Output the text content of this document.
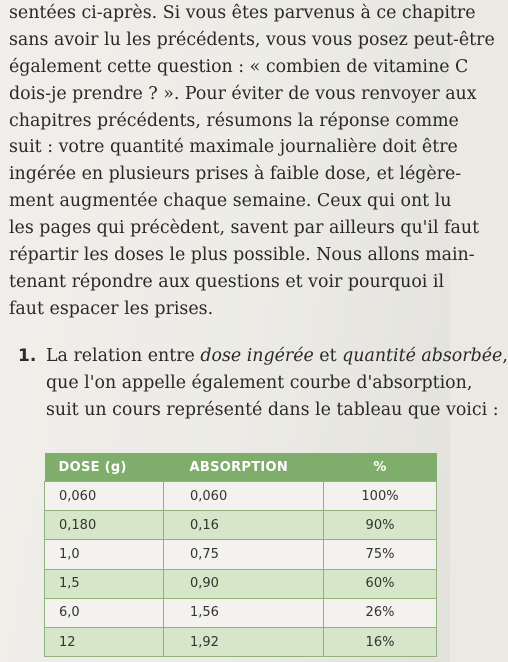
sentées ci-après. Si vous êtes parvenus à ce chapitre
sans avoir lu les précédents, vous vous posez peut-être
également cette question : « combien de vitamine C
dois-je prendre ? ». Pour éviter de vous renvoyer aux
chapitres précédents, résumons la réponse comme
suit : votre quantité maximale journalière doit être
ingérée en plusieurs prises à faible dose, et légère-
ment augmentée chaque semaine. Ceux qui ont lu
les pages qui précèdent, savent par ailleurs qu'il faut
répartir les doses le plus possible. Nous allons main-
tenant répondre aux questions et voir pourquoi il
faut espacer les prises.
1. La relation entre dose ingérée et quantité absorbée,
que l'on appelle également courbe d'absorption,
suit un cours représenté dans le tableau que voici :
DOSE (g)	ABSORPTION	%
0,060	0,060	100%
0,180	0,16	90%
1,0	0,75	75%
1,5	0,90	60%
6,0	1,56	26%
12	1,92	16%
